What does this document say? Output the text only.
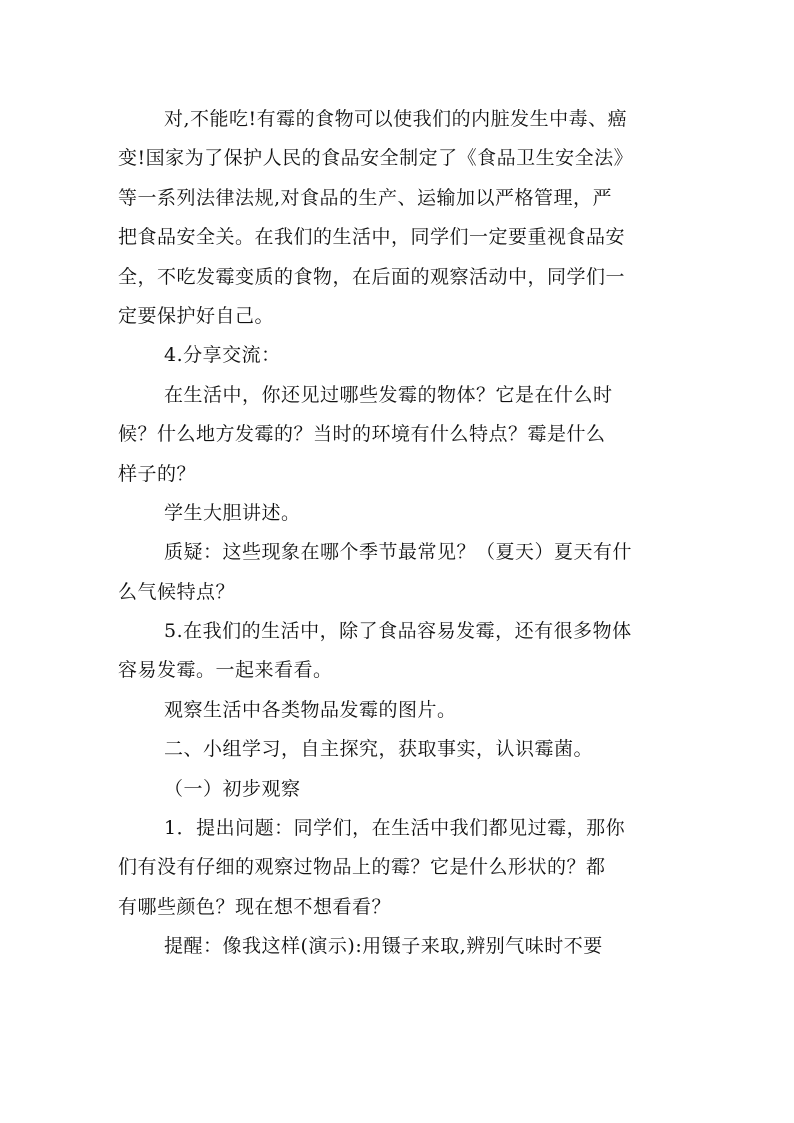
对,不能吃!有霉的食物可以使我们的内脏发生中毒、癌
变!国家为了保护人民的食品安全制定了《食品卫生安全法》
等一系列法律法规,对食品的生产、运输加以严格管理，严
把食品安全关。在我们的生活中，同学们一定要重视食品安
全，不吃发霉变质的食物，在后面的观察活动中，同学们一
定要保护好自己。
4.分享交流：
在生活中，你还见过哪些发霉的物体？它是在什么时
候？什么地方发霉的？当时的环境有什么特点？霉是什么
样子的？
学生大胆讲述。
质疑：这些现象在哪个季节最常见？（夏天）夏天有什
么气候特点？
5.在我们的生活中，除了食品容易发霉，还有很多物体
容易发霉。一起来看看。
观察生活中各类物品发霉的图片。
二、小组学习，自主探究，获取事实，认识霉菌。
（一）初步观察
1．提出问题：同学们，在生活中我们都见过霉，那你
们有没有仔细的观察过物品上的霉？它是什么形状的？都
有哪些颜色？现在想不想看看？
提醒：像我这样(演示):用镊子来取,辨别气味时不要
